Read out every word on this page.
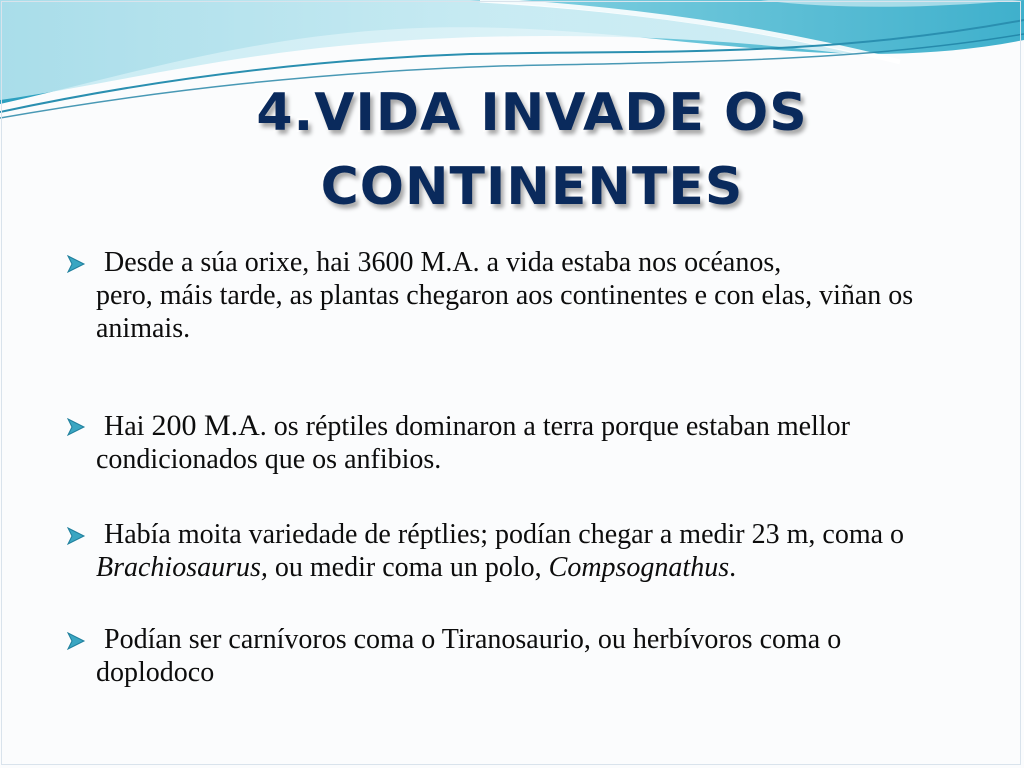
4.VIDA INVADE OS
CONTINENTES
Desde a súa orixe, hai 3600 M.A. a vida estaba nos océanos,
pero, máis tarde, as plantas chegaron aos continentes e con elas, viñan os animais.
Hai 200 M.A. os réptiles dominaron a terra porque estaban mellor condicionados que os anfibios.
Había moita variedade de réptlies; podían chegar a medir 23 m, coma o Brachiosaurus, ou medir coma un polo, Compsognathus.
Podían ser carnívoros coma o Tiranosaurio, ou herbívoros coma o doplodoco
